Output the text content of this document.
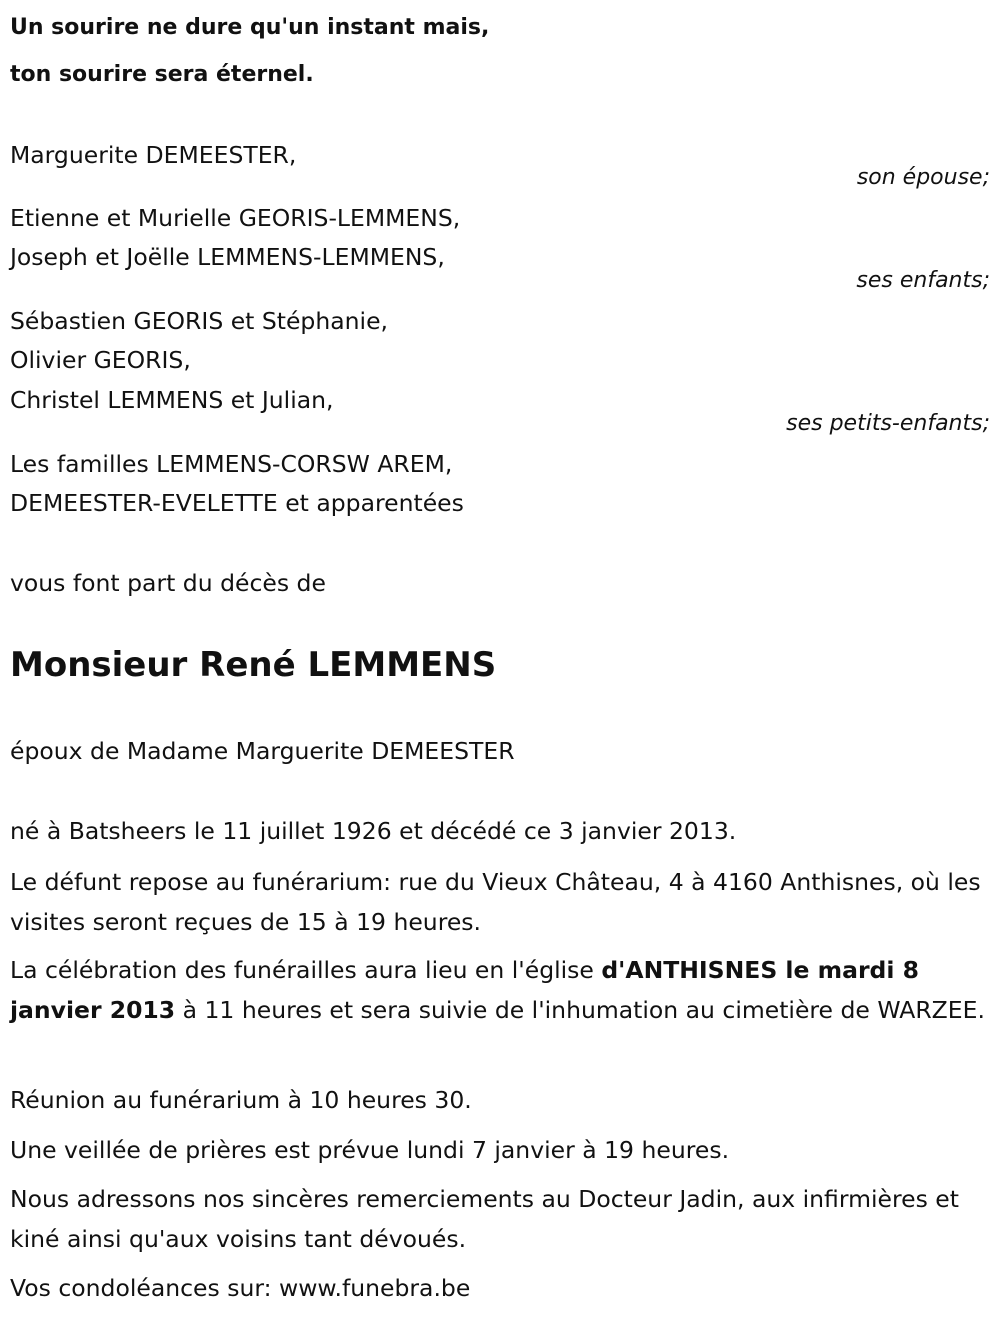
Un sourire ne dure qu'un instant mais,
ton sourire sera éternel.
Marguerite DEMEESTER,
son épouse;
Etienne et Murielle GEORIS-LEMMENS,
Joseph et Joëlle LEMMENS-LEMMENS,
ses enfants;
Sébastien GEORIS et Stéphanie,
Olivier GEORIS,
Christel LEMMENS et Julian,
ses petits-enfants;
Les familles LEMMENS-CORSW AREM,
DEMEESTER-EVELETTE et apparentées
vous font part du décès de
Monsieur René LEMMENS
époux de Madame Marguerite DEMEESTER
né à Batsheers le 11 juillet 1926 et décédé ce 3 janvier 2013.
Le défunt repose au funérarium: rue du Vieux Château, 4 à 4160 Anthisnes, où les visites seront reçues de 15 à 19 heures.
La célébration des funérailles aura lieu en l'église d'ANTHISNES le mardi 8 janvier 2013 à 11 heures et sera suivie de l'inhumation au cimetière de WARZEE.
Réunion au funérarium à 10 heures 30.
Une veillée de prières est prévue lundi 7 janvier à 19 heures.
Nous adressons nos sincères remerciements au Docteur Jadin, aux infirmières et kiné ainsi qu'aux voisins tant dévoués.
Vos condoléances sur: www.funebra.be
